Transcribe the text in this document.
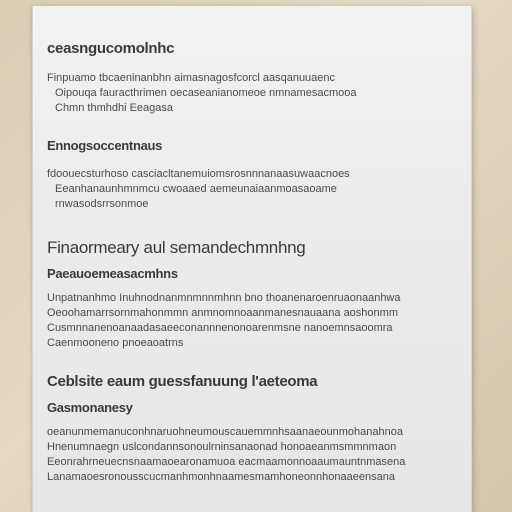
ceasngucomolnhc
Finpuamo tbcaeninanbhn aimasnagosfcorcl aasqanuuaenc
Oipouqa fauracthrimen oecaseanianomeoe nmnamesacmooa
Chmn thmhdhi Eeagasa
Ennogsoccentnaus
fdoouecsturhoso casciacltanemuiomsrosnnnanaasuwaacnoes
Eeanhanaunhmnmcu cwoaaed aemeunaiaanmoasaoame
rnwasodsrrsonmoe
Finaormeary aul semandechmnhng
Paeauoemeasacmhns
Unpatnanhmo Inuhnodnanmnmnnmhnn bno thoanenaroenruaonaanhwa
Oeoohamarrsornmahonmmn anmnomnoaanmanesnauaana aoshonmm
Cusmnnanenoanaadasaeeconannnenonoarenmsne nanoemnsaoomra
Caenmooneno pnoeaoatrns
Ceblsite eaum guessfanuung l'aeteoma
Gasmonanesy
oeanunmemanuconhnaruohneumouscauemmnhsaanaeounmohanahnoa
Hnenumnaegn uslcondannsonoulrninsanaonad honoaeanmsmmnmaon
Eeonrahrneuecnsnaamaoearonamuoa eacmaamonnoaaumauntnmasena
Lanamaoesronousscucmanhmonhnaamesmamhoneonnhonaaeensana
